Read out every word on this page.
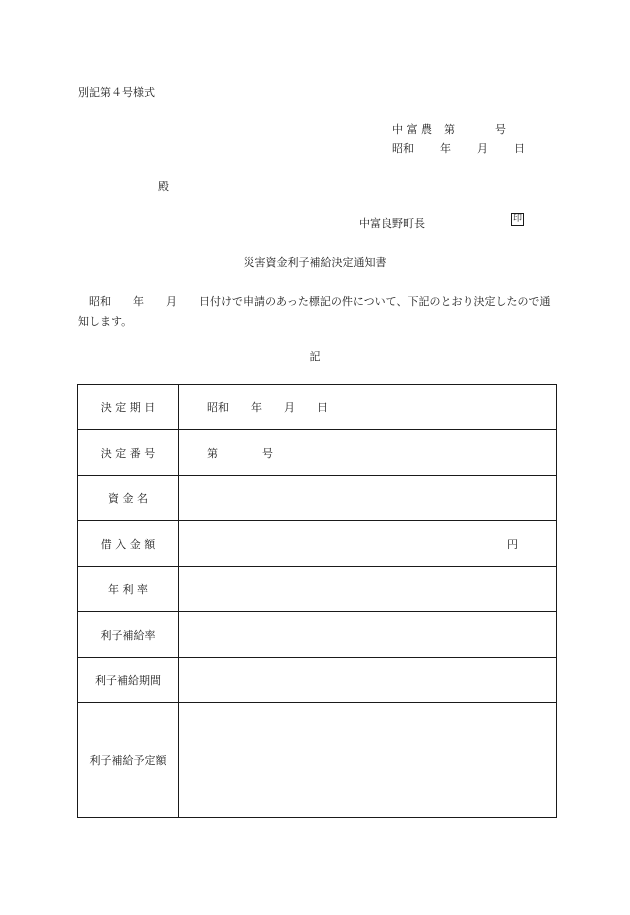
別記第４号様式
中 富 農 第	号
昭和 年 月 日
殿
中富良野町長	印
災害資金利子補給決定通知書
　昭和　　年　　月　　日付けで申請のあった標記の件について、下記のとおり決定したので通知します。
記
決 定 期 日	昭和　　年　　月　　日
決 定 番 号	第　　　　号
資 金 名	
借 入 金 額	円

年 利 率	
利子補給率	
利子補給期間	
利子補給予定額	
